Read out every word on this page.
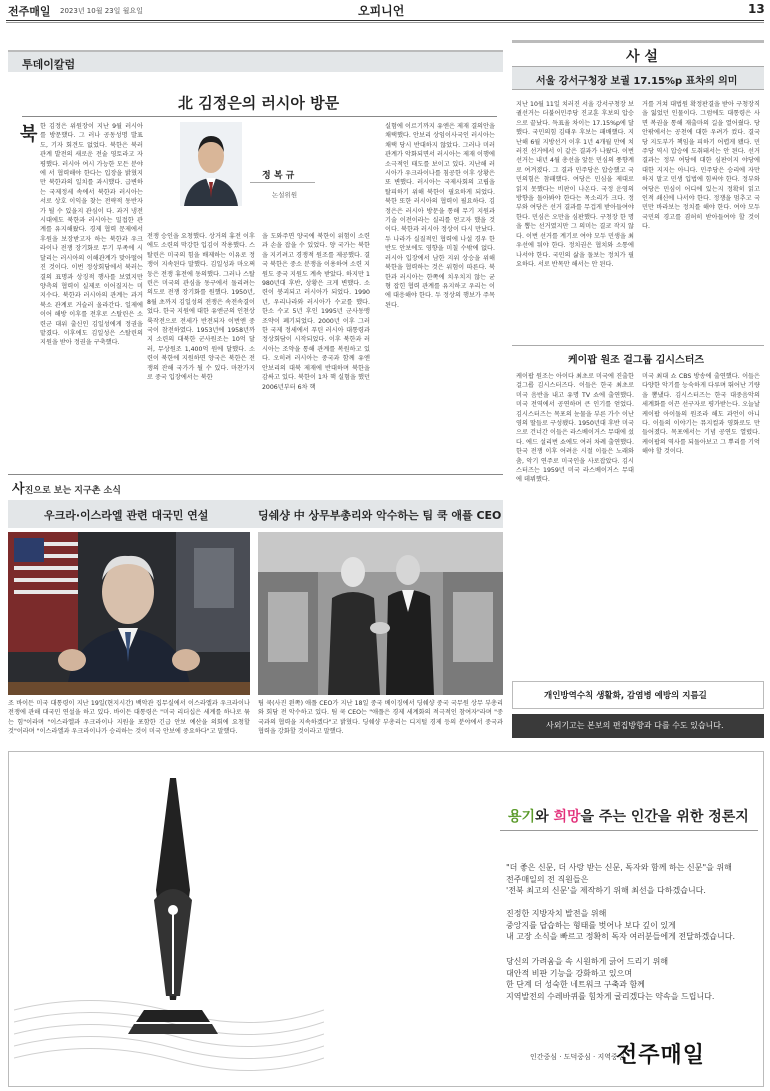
전주매일 2023년 10월 23일 월요일	오피니언	13
투데이칼럼
北 김정은의 러시아 방문
북 한 김정은 위원장이 지난 9월 러시아를 방문했다. 그 러나 공동성명 발표도, 기자 회견도 없었다. 북한은 북러 관계 발전의 새로운 전술 영토라고 자평했다. 러시아 여시 가능한 모든 분야에 서 협력해야 한다는 입장을 밝혔지만 북한과의 일치를 과시했다. 급변하는 국제정세 속에서 북한과 러시아는 서로 상호 이익을 찾는 전략적 동반자가 될 수 있을지 관심이 다. 과거 냉전시대에도 북한과 러시아는 밀접한 관계를 유지해왔다. 경제 협력 문제에서 후원을 보장받고자 하는 북한과 우크라이나 전쟁 장기화로 무기 부족에 시달리는 러시아의 이해관계가 맞아떨어진 것이다. 이번 정상회담에서 북러는 결의 표명과 상징적 행사를 보였지만 양측의 협력이 실제로 이어질지는 미지수다. 북한과 러시아의 관계는 과거 북소 관계로 거슬러 올라간다. 일제에 이어 해방 이후를 전후로 스탈린은 소련군 대위 출신인 김일성에게 정권을 맡겼다. 이후에도 김일성은 스탈린의 지원을 받아 정권을 구축했다.
정 복 규
논설위원
전쟁 승인을 요청했다. 상거의 휴전 이후에도 소련의 막강한 입김이 작용했다. 스탈린은 미국의 힘을 배제하는 이유로 정쟁이 지속된다 말했다. 김일성과 마오쩌둥은 전쟁 휴전에 동의했다. 그러나 스탈린은 미국의 관심을 동구에서 돌리려는 의도로 전쟁 장기화를 원했다. 1950년, 8월 초까지 김일성의 전쟁은 속전속결이었다. 한국 지원에 대한 유엔군의 인천상륙작전으로 전세가 반전되자 이번엔 중국이 참전하였다. 1953년에 1958년까지 소련의 대북한 군사원조는 10억 달러, 무상원조 1,400억 원에 달했다. 소련이 북한에 지원하면 양국은 북한은 전쟁의 잔해 국가가 될 수 있다. 마찬가지로 중국 입장에서는 북한
을 도와주면 양국에 북한이 위험이 소련과 손을 잡을 수 있었다. 양 국가는 북한을 지키려고 경쟁적 원조를 제공했다. 결국 북한은 중소 분쟁을 이용하여 소련 지원도 중국 지원도 계속 받았다. 하지만 1980년대 후반, 상황은 크게 변했다. 소련이 붕괴되고 러시아가 되었다. 1990년, 우리나라와 러시아가 수교를 했다. 한소 수교 5년 후인 1995년 군사동맹 조약이 폐기되었다. 2000년 이후 그러한 국제 정세에서 푸틴 러시아 대통령과 정상회담이 시작되었다. 이후 북한과 러시아는 조약을 통해 관계를 복원하고 있다. 오히려 러시아는 중국과 함께 유엔 안보리의 대북 제재에 반대하며 북한을 감싸고 있다. 북한이 1차 핵 실험을 했던 2006년부터 6차 핵
실험에 이르기까지 유엔은 제재 결의안을 채택했다. 안보리 상임이사국인 러시아는 채택 당시 반대하지 않았다. 그러나 미러 관계가 악화되면서 러시아는 제재 이행에 소극적인 태도를 보이고 있다. 지난해 러시아가 우크라이나를 침공한 이후 상황은 또 변했다. 러시아는 국제사회의 고립을 탈피하기 위해 북한이 필요하게 되었다. 북한 또한 러시아의 협력이 필요하다. 김정은은 러시아 방문을 통해 무기 지원과 기술 이전이라는 실리를 얻고자 했을 것이다. 북한과 러시아 정상이 다시 만났다. 두 나라가 실질적인 협력에 나설 경우 한반도 안보에도 영향을 미칠 수밖에 없다. 러시아 입장에서 남한 지위 상승을 위해 북한을 협력하는 것은 위험이 따른다. 북한과 러시아는 한쪽에 치우치지 않는 균형 잡힌 협력 관계를 유지하고 우리는 이에 대응해야 한다. 두 정상의 행보가 주목된다.
사 설
서울 강서구청장 보궐 17.15%p 표차의 의미
지난 10월 11일 치러진 서울 강서구청장 보궐선거는 더불어민주당 진교훈 후보의 압승으로 끝났다. 득표율 차이는 17.15%p에 달했다. 국민의힘 김태우 후보는 패배했다. 지난해 6월 지방선거 이후 1년 4개월 만에 치러진 선거에서 이 같은 결과가 나왔다. 이번 선거는 내년 4월 총선을 앞둔 민심의 풍향계로 여겨졌다. 그 결과 민주당은 압승했고 국민의힘은 참패했다. 여당은 민심을 제대로 읽지 못했다는 비판이 나온다. 국정 운영의 방향을 돌아봐야 한다는 목소리가 크다. 정부와 여당은 선거 결과를 무겁게 받아들여야 한다. 민심은 오만을 심판했다. 구청장 한 명을 뽑는 선거였지만 그 의미는 결코 작지 않다. 이번 선거를 계기로 여야 모두 민생을 최우선에 둬야 한다. 정치권은 협치와 소통에 나서야 한다. 국민의 삶을 돌보는 정치가 필요하다. 서로 반목만 해서는 안 된다.
거를 거쳐 대법원 확정판결을 받아 구청장직을 잃었던 인물이다. 그럼에도 대통령은 사면 복권을 통해 재출마의 길을 열어줬다. 당 안팎에서는 공천에 대한 우려가 컸다. 결국 당 지도부가 책임을 피하기 어렵게 됐다. 민주당 역시 압승에 도취돼서는 안 된다. 선거 결과는 정부 여당에 대한 심판이지 야당에 대한 지지는 아니다. 민주당은 승리에 자만하지 말고 민생 입법에 힘써야 한다. 정부와 여당은 민심이 어디에 있는지 정확히 읽고 인적 쇄신에 나서야 한다. 정쟁을 멈추고 국민만 바라보는 정치를 해야 한다. 여야 모두 국민의 경고를 겸허히 받아들여야 할 것이다.
케이팝 원조 걸그룹 김시스터즈
케이팝 원조는 아이다 최초로 미국에 진출한 걸그룹 김시스터즈다. 이들은 한국 최초로 미국 음반을 내고 유명 TV 쇼에 출연했다. 미국 전역에서 공연하며 큰 인기를 얻었다. 김시스터즈는 목포의 눈물을 부른 가수 이난영의 딸들로 구성됐다. 1950년대 후반 미국으로 건너간 이들은 라스베이거스 무대에 섰다. 에드 설리번 쇼에도 여러 차례 출연했다. 한국 전쟁 이후 어려운 시절 이들은 노래와 춤, 악기 연주로 미국인을 사로잡았다. 김시스터즈는 1959년 미국 라스베이거스 무대에 데뷔했다.
미국 최대 쇼 CBS 방송에 출연했다. 이들은 다양한 악기를 능숙하게 다루며 뛰어난 기량을 뽐냈다. 김시스터즈는 한국 대중음악의 세계화를 이끈 선구자로 평가받는다. 오늘날 케이팝 아이돌의 원조라 해도 과언이 아니다. 이들의 이야기는 뮤지컬과 영화로도 만들어졌다. 목포에서는 기념 공연도 열렸다. 케이팝의 역사를 되돌아보고 그 뿌리를 기억해야 할 것이다.
개인방역수칙 생활화, 감염병 예방의 지름길
사외기고는 본보의 편집방향과 다를 수도 있습니다.
사진으로 보는 지구촌 소식
우크라·이스라엘 관련 대국민 연설	딩쉐샹 中 상무부총리와 악수하는 팀 쿡 애플 CEO
조 바이든 미국 대통령이 지난 19일(현지시간) 백악관 집무실에서 이스라엘과 우크라이나 전쟁에 관해 대국민 연설을 하고 있다. 바이든 대통령은 "미국 리더십은 세계를 하나로 묶는 힘"이라며 "이스라엘과 우크라이나 지원을 포함한 긴급 안보 예산을 의회에 요청할 것"이라며 "이스라엘과 우크라이나가 승리하는 것이 미국 안보에 중요하다"고 말했다.
팀 쿡(사진 왼쪽) 애플 CEO가 지난 18일 중국 베이징에서 딩쉐샹 중국 국무원 상무 부총리와 회담 전 악수하고 있다. 팀 쿡 CEO는 "애플은 경제 세계화의 적극적인 참여자"라며 "중국과의 협력을 지속하겠다"고 밝혔다. 딩쉐샹 부총리는 디지털 경제 등의 분야에서 중국과 협력을 강화할 것이라고 말했다.
용기와 희망을 주는 인간을 위한 정론지
"더 좋은 신문, 더 사랑 받는 신문, 독자와 함께 하는 신문"을 위해
전주매일의 전 직원들은
'전북 최고의 신문'을 제작하기 위해 최선을 다하겠습니다.
진정한 지방자치 발전을 위해
중앙지를 답습하는 형태를 벗어나 보다 깊이 있게
내 고장 소식을 빠르고 정확히 독자 여러분들에게 전달하겠습니다.
당신의 가려움을 속 시원하게 긁어 드리기 위해
대안적 비판 기능을 강화하고 있으며
한 단계 더 성숙한 네트워크 구축과 함께
지역발전의 수레바퀴를 힘차게 굴리겠다는 약속을 드립니다.
인간중심 · 도덕중심 · 지역중심
전주매일
